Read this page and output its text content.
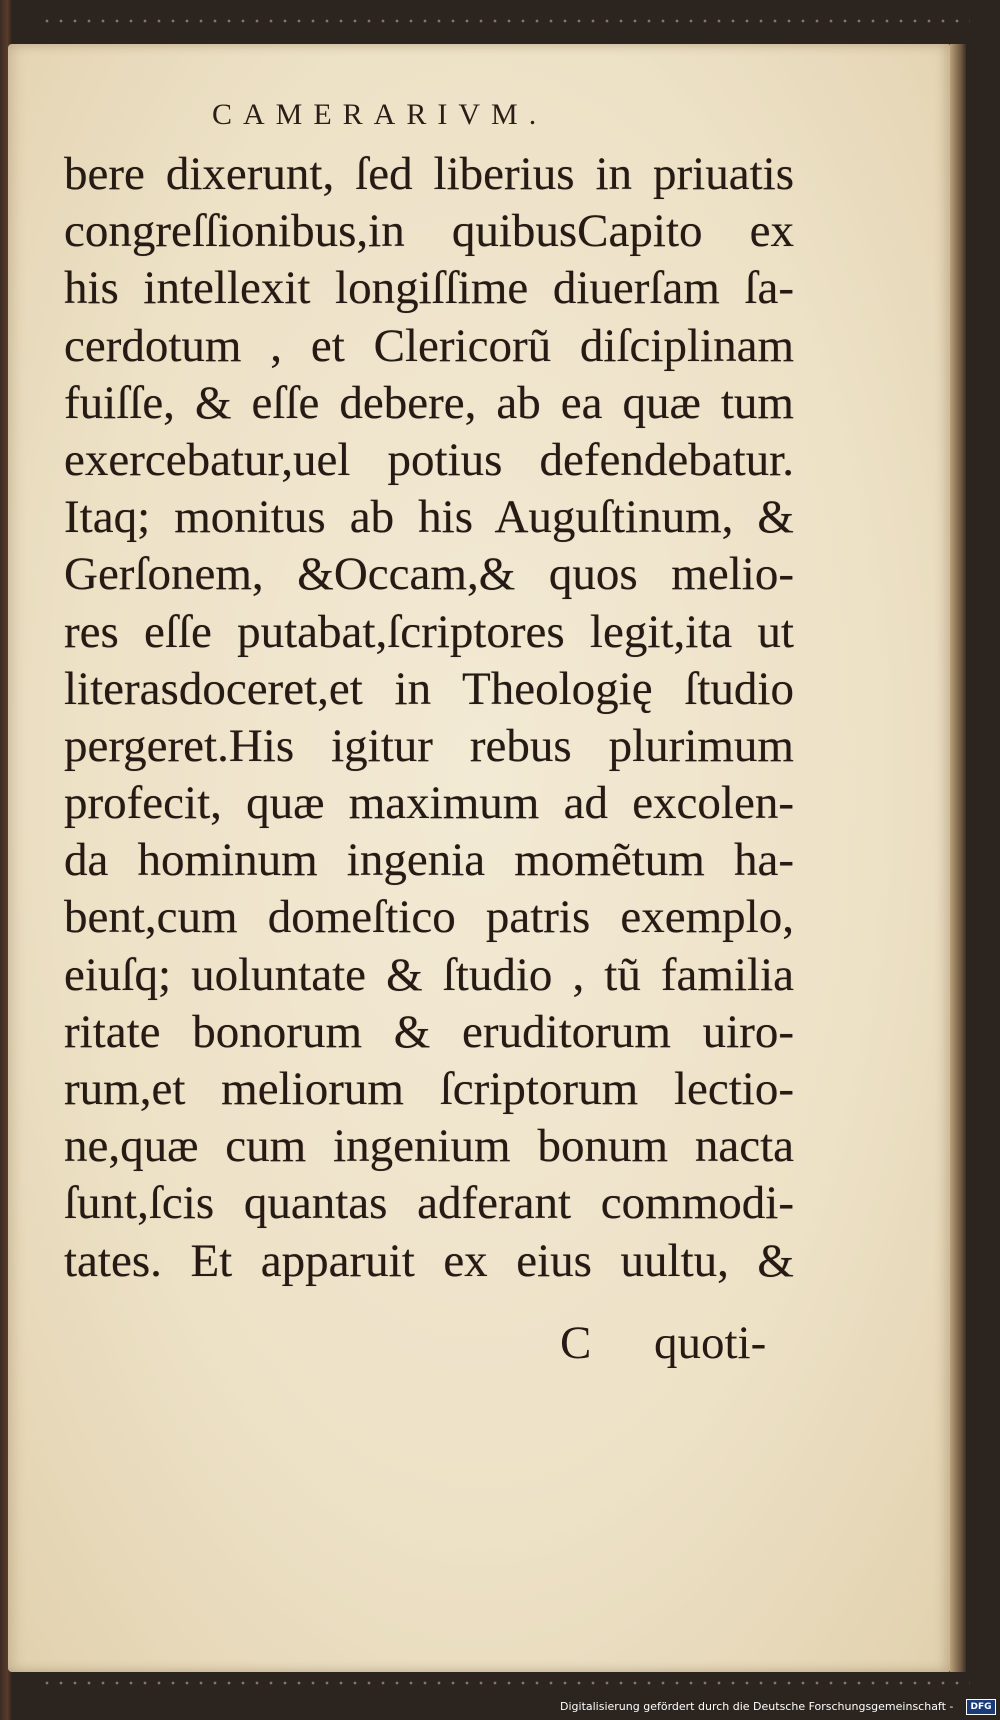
CAMERARIVM.
bere dixerunt, ſed liberius in priuatis
congreſſionibus,in quibusCapito ex
his intellexit longiſſime diuerſam ſa-
cerdotum , et Clericorũ diſciplinam
fuiſſe, & eſſe debere, ab ea quæ tum
exercebatur,uel potius defendebatur.
Itaq; monitus ab his Auguſtinum, &
Gerſonem, &Occam,& quos melio-
res eſſe putabat,ſcriptores legit,ita ut
literasdoceret,et in Theologię ſtudio
pergeret.His igitur rebus plurimum
profecit, quæ maximum ad excolen-
da hominum ingenia momẽtum ha-
bent,cum domeſtico patris exemplo,
eiuſq; uoluntate & ſtudio , tũ familia
ritate bonorum & eruditorum uiro-
rum,et meliorum ſcriptorum lectio-
ne,quæ cum ingenium bonum nacta
ſunt,ſcis quantas adferant commodi-
tates. Et apparuit ex eius uultu, &
C quoti-
Digitalisierung gefördert durch die Deutsche Forschungsgemeinschaft -	DFG
